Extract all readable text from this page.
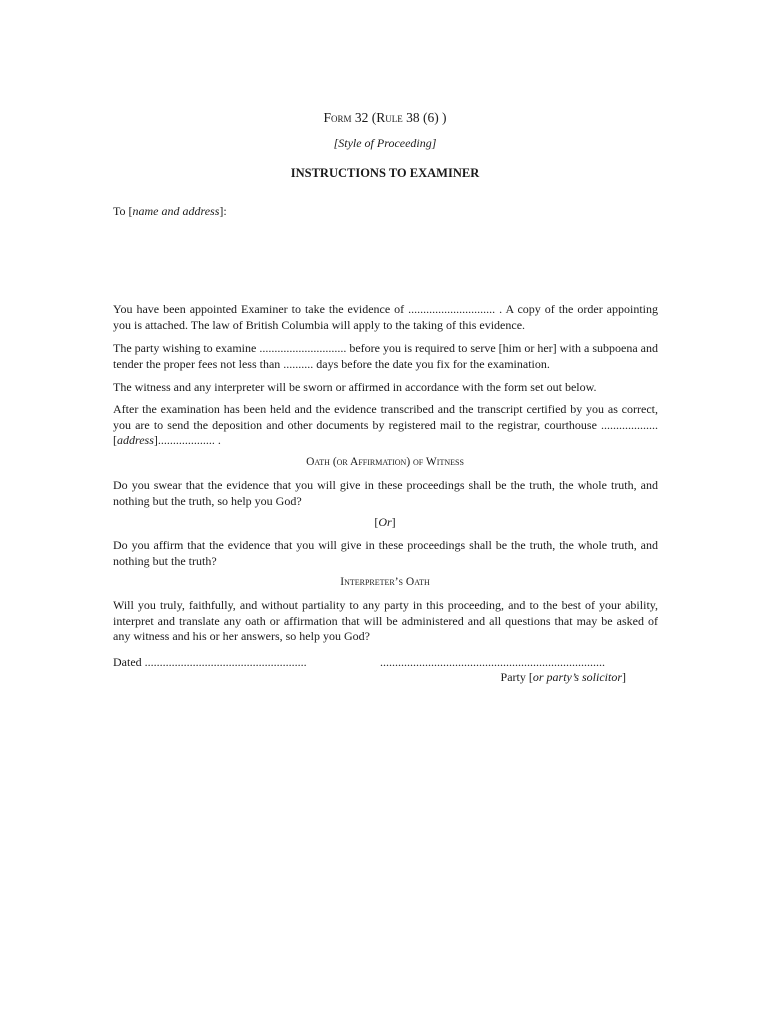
Form 32 (Rule 38 (6) )
[Style of Proceeding]
INSTRUCTIONS TO EXAMINER
To [name and address]:

You have been appointed Examiner to take the evidence of ............................. . A copy of the order appointing you is attached. The law of British Columbia will apply to the taking of this evidence.

The party wishing to examine ............................. before you is required to serve [him or her] with a subpoena and tender the proper fees not less than .......... days before the date you fix for the examination.

The witness and any interpreter will be sworn or affirmed in accordance with the form set out below.

After the examination has been held and the evidence transcribed and the transcript certified by you as correct, you are to send the deposition and other documents by registered mail to the registrar, courthouse ...................[address]................... .

Oath (or Affirmation) of Witness

Do you swear that the evidence that you will give in these proceedings shall be the truth, the whole truth, and nothing but the truth, so help you God?

[Or]

Do you affirm that the evidence that you will give in these proceedings shall be the truth, the whole truth, and nothing but the truth?

Interpreter’s Oath

Will you truly, faithfully, and without partiality to any party in this proceeding, and to the best of your ability, interpret and translate any oath or affirmation that will be administered and all questions that may be asked of any witness and his or her answers, so help you God?

Dated ......................................................	...........................................................................
Party [or party’s solicitor]
